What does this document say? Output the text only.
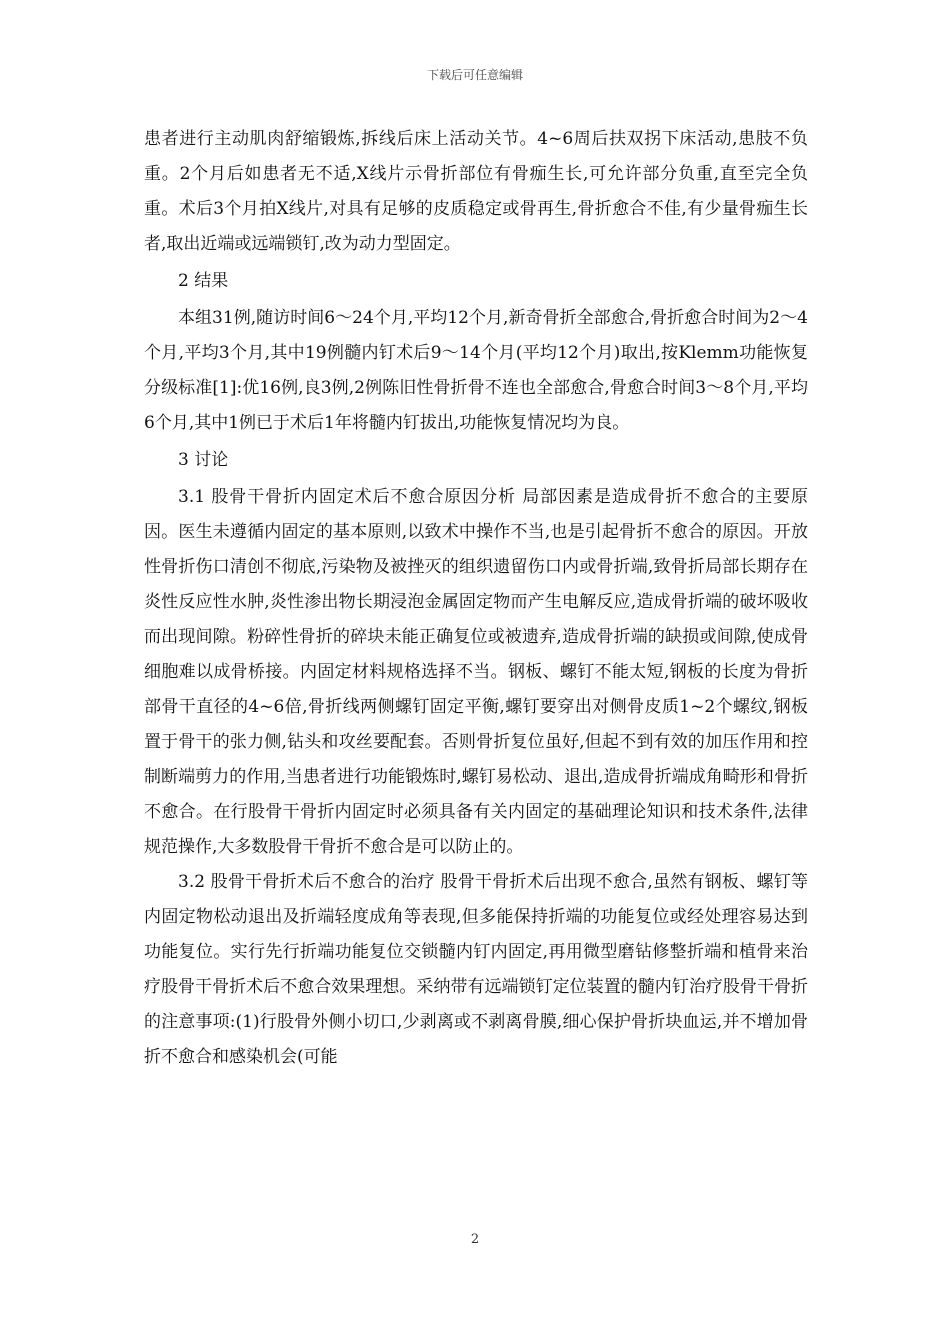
下载后可任意编辑

患者进行主动肌肉舒缩锻炼,拆线后床上活动关节。4~6周后扶双拐下床活动,患肢不负重。2个月后如患者无不适,X线片示骨折部位有骨痂生长,可允许部分负重,直至完全负重。术后3个月拍X线片,对具有足够的皮质稳定或骨再生,骨折愈合不佳,有少量骨痂生长者,取出近端或远端锁钉,改为动力型固定。

2 结果

本组31例,随访时间6～24个月,平均12个月,新奇骨折全部愈合,骨折愈合时间为2～4个月,平均3个月,其中19例髓内钉术后9～14个月(平均12个月)取出,按Klemm功能恢复分级标准[1]:优16例,良3例,2例陈旧性骨折骨不连也全部愈合,骨愈合时间3～8个月,平均6个月,其中1例已于术后1年将髓内钉拔出,功能恢复情况均为良。

3 讨论

3.1 股骨干骨折内固定术后不愈合原因分析 局部因素是造成骨折不愈合的主要原因。医生未遵循内固定的基本原则,以致术中操作不当,也是引起骨折不愈合的原因。开放性骨折伤口清创不彻底,污染物及被挫灭的组织遗留伤口内或骨折端,致骨折局部长期存在炎性反应性水肿,炎性渗出物长期浸泡金属固定物而产生电解反应,造成骨折端的破坏吸收而出现间隙。粉碎性骨折的碎块未能正确复位或被遗弃,造成骨折端的缺损或间隙,使成骨细胞难以成骨桥接。内固定材料规格选择不当。钢板、螺钉不能太短,钢板的长度为骨折部骨干直径的4~6倍,骨折线两侧螺钉固定平衡,螺钉要穿出对侧骨皮质1~2个螺纹,钢板置于骨干的张力侧,钻头和攻丝要配套。否则骨折复位虽好,但起不到有效的加压作用和控制断端剪力的作用,当患者进行功能锻炼时,螺钉易松动、退出,造成骨折端成角畸形和骨折不愈合。在行股骨干骨折内固定时必须具备有关内固定的基础理论知识和技术条件,法律规范操作,大多数股骨干骨折不愈合是可以防止的。

3.2 股骨干骨折术后不愈合的治疗 股骨干骨折术后出现不愈合,虽然有钢板、螺钉等内固定物松动退出及折端轻度成角等表现,但多能保持折端的功能复位或经处理容易达到功能复位。实行先行折端功能复位交锁髓内钉内固定,再用微型磨钻修整折端和植骨来治疗股骨干骨折术后不愈合效果理想。采纳带有远端锁钉定位装置的髓内钉治疗股骨干骨折的注意事项:(1)行股骨外侧小切口,少剥离或不剥离骨膜,细心保护骨折块血运,并不增加骨折不愈合和感染机会(可能

2
